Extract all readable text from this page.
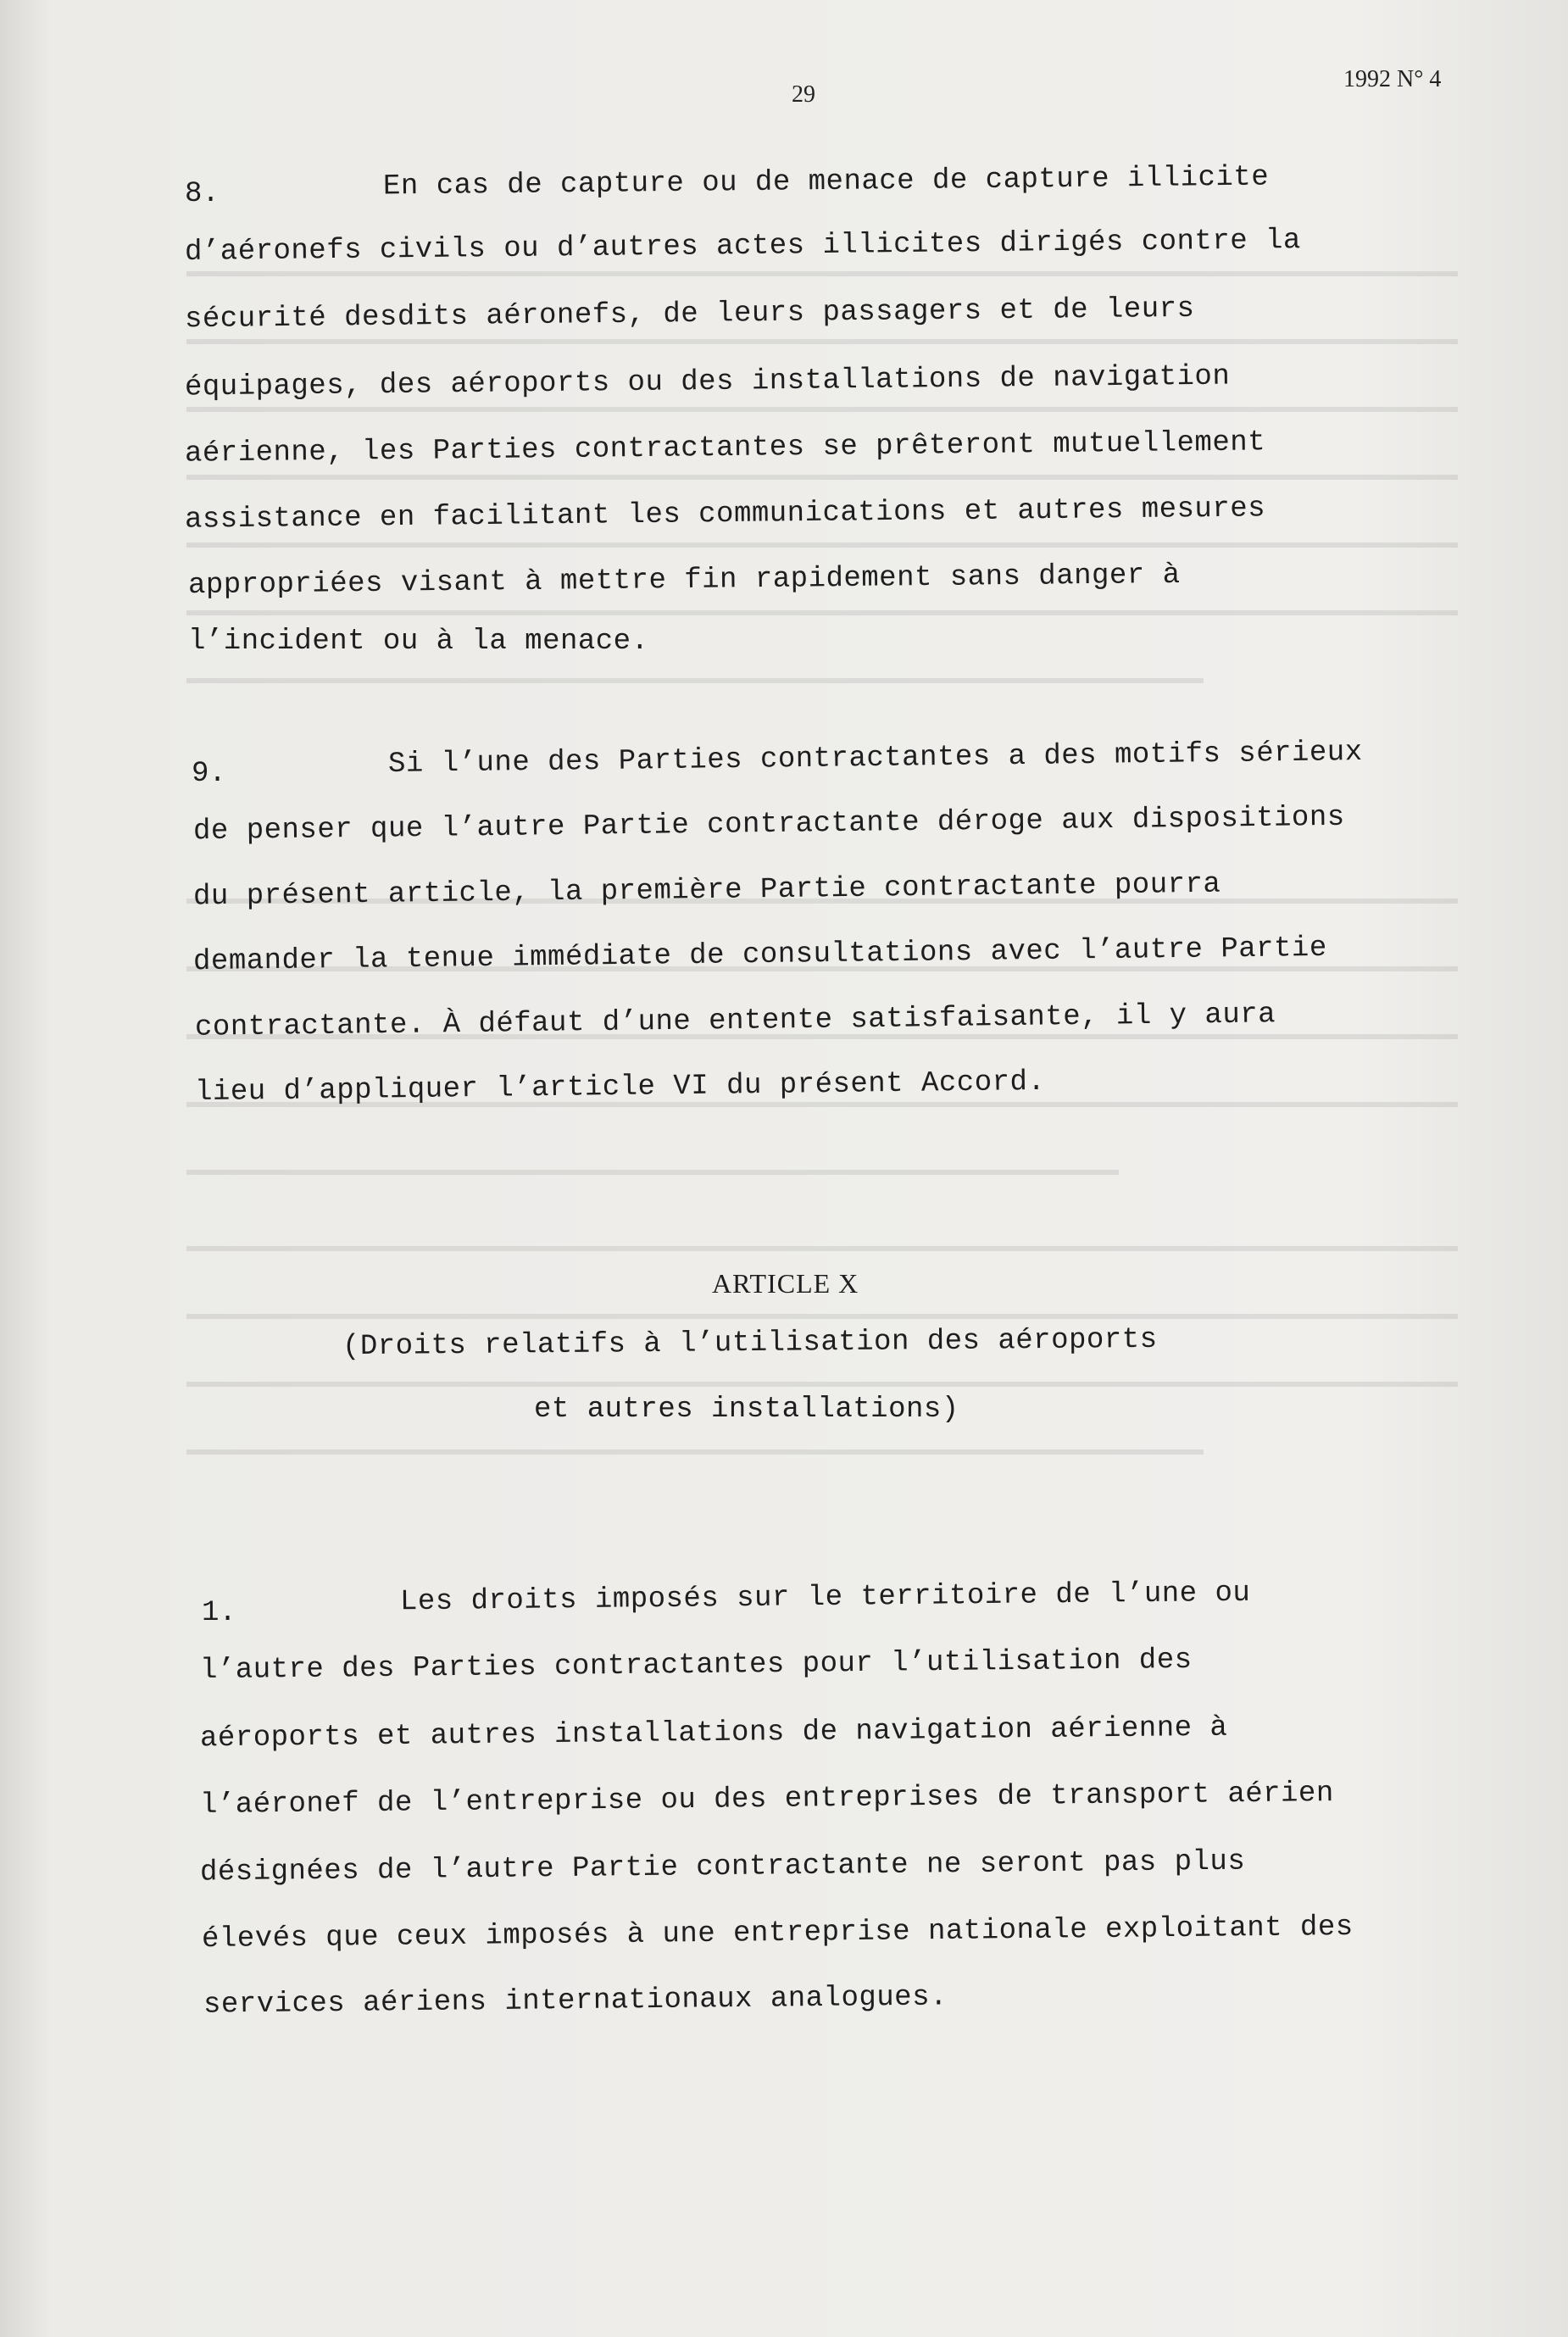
29
1992 N° 4
8.	En cas de capture ou de menace de capture illicite
d’aéronefs civils ou d’autres actes illicites dirigés contre la
sécurité desdits aéronefs, de leurs passagers et de leurs
équipages, des aéroports ou des installations de navigation
aérienne, les Parties contractantes se prêteront mutuellement
assistance en facilitant les communications et autres mesures
appropriées visant à mettre fin rapidement sans danger à
l’incident ou à la menace.
9.	Si l’une des Parties contractantes a des motifs sérieux
de penser que l’autre Partie contractante déroge aux dispositions
du présent article, la première Partie contractante pourra
demander la tenue immédiate de consultations avec l’autre Partie
contractante. À défaut d’une entente satisfaisante, il y aura
lieu d’appliquer l’article VI du présent Accord.
ARTICLE X
(Droits relatifs à l’utilisation des aéroports
et autres installations)
1.	Les droits imposés sur le territoire de l’une ou
l’autre des Parties contractantes pour l’utilisation des
aéroports et autres installations de navigation aérienne à
l’aéronef de l’entreprise ou des entreprises de transport aérien
désignées de l’autre Partie contractante ne seront pas plus
élevés que ceux imposés à une entreprise nationale exploitant des
services aériens internationaux analogues.
